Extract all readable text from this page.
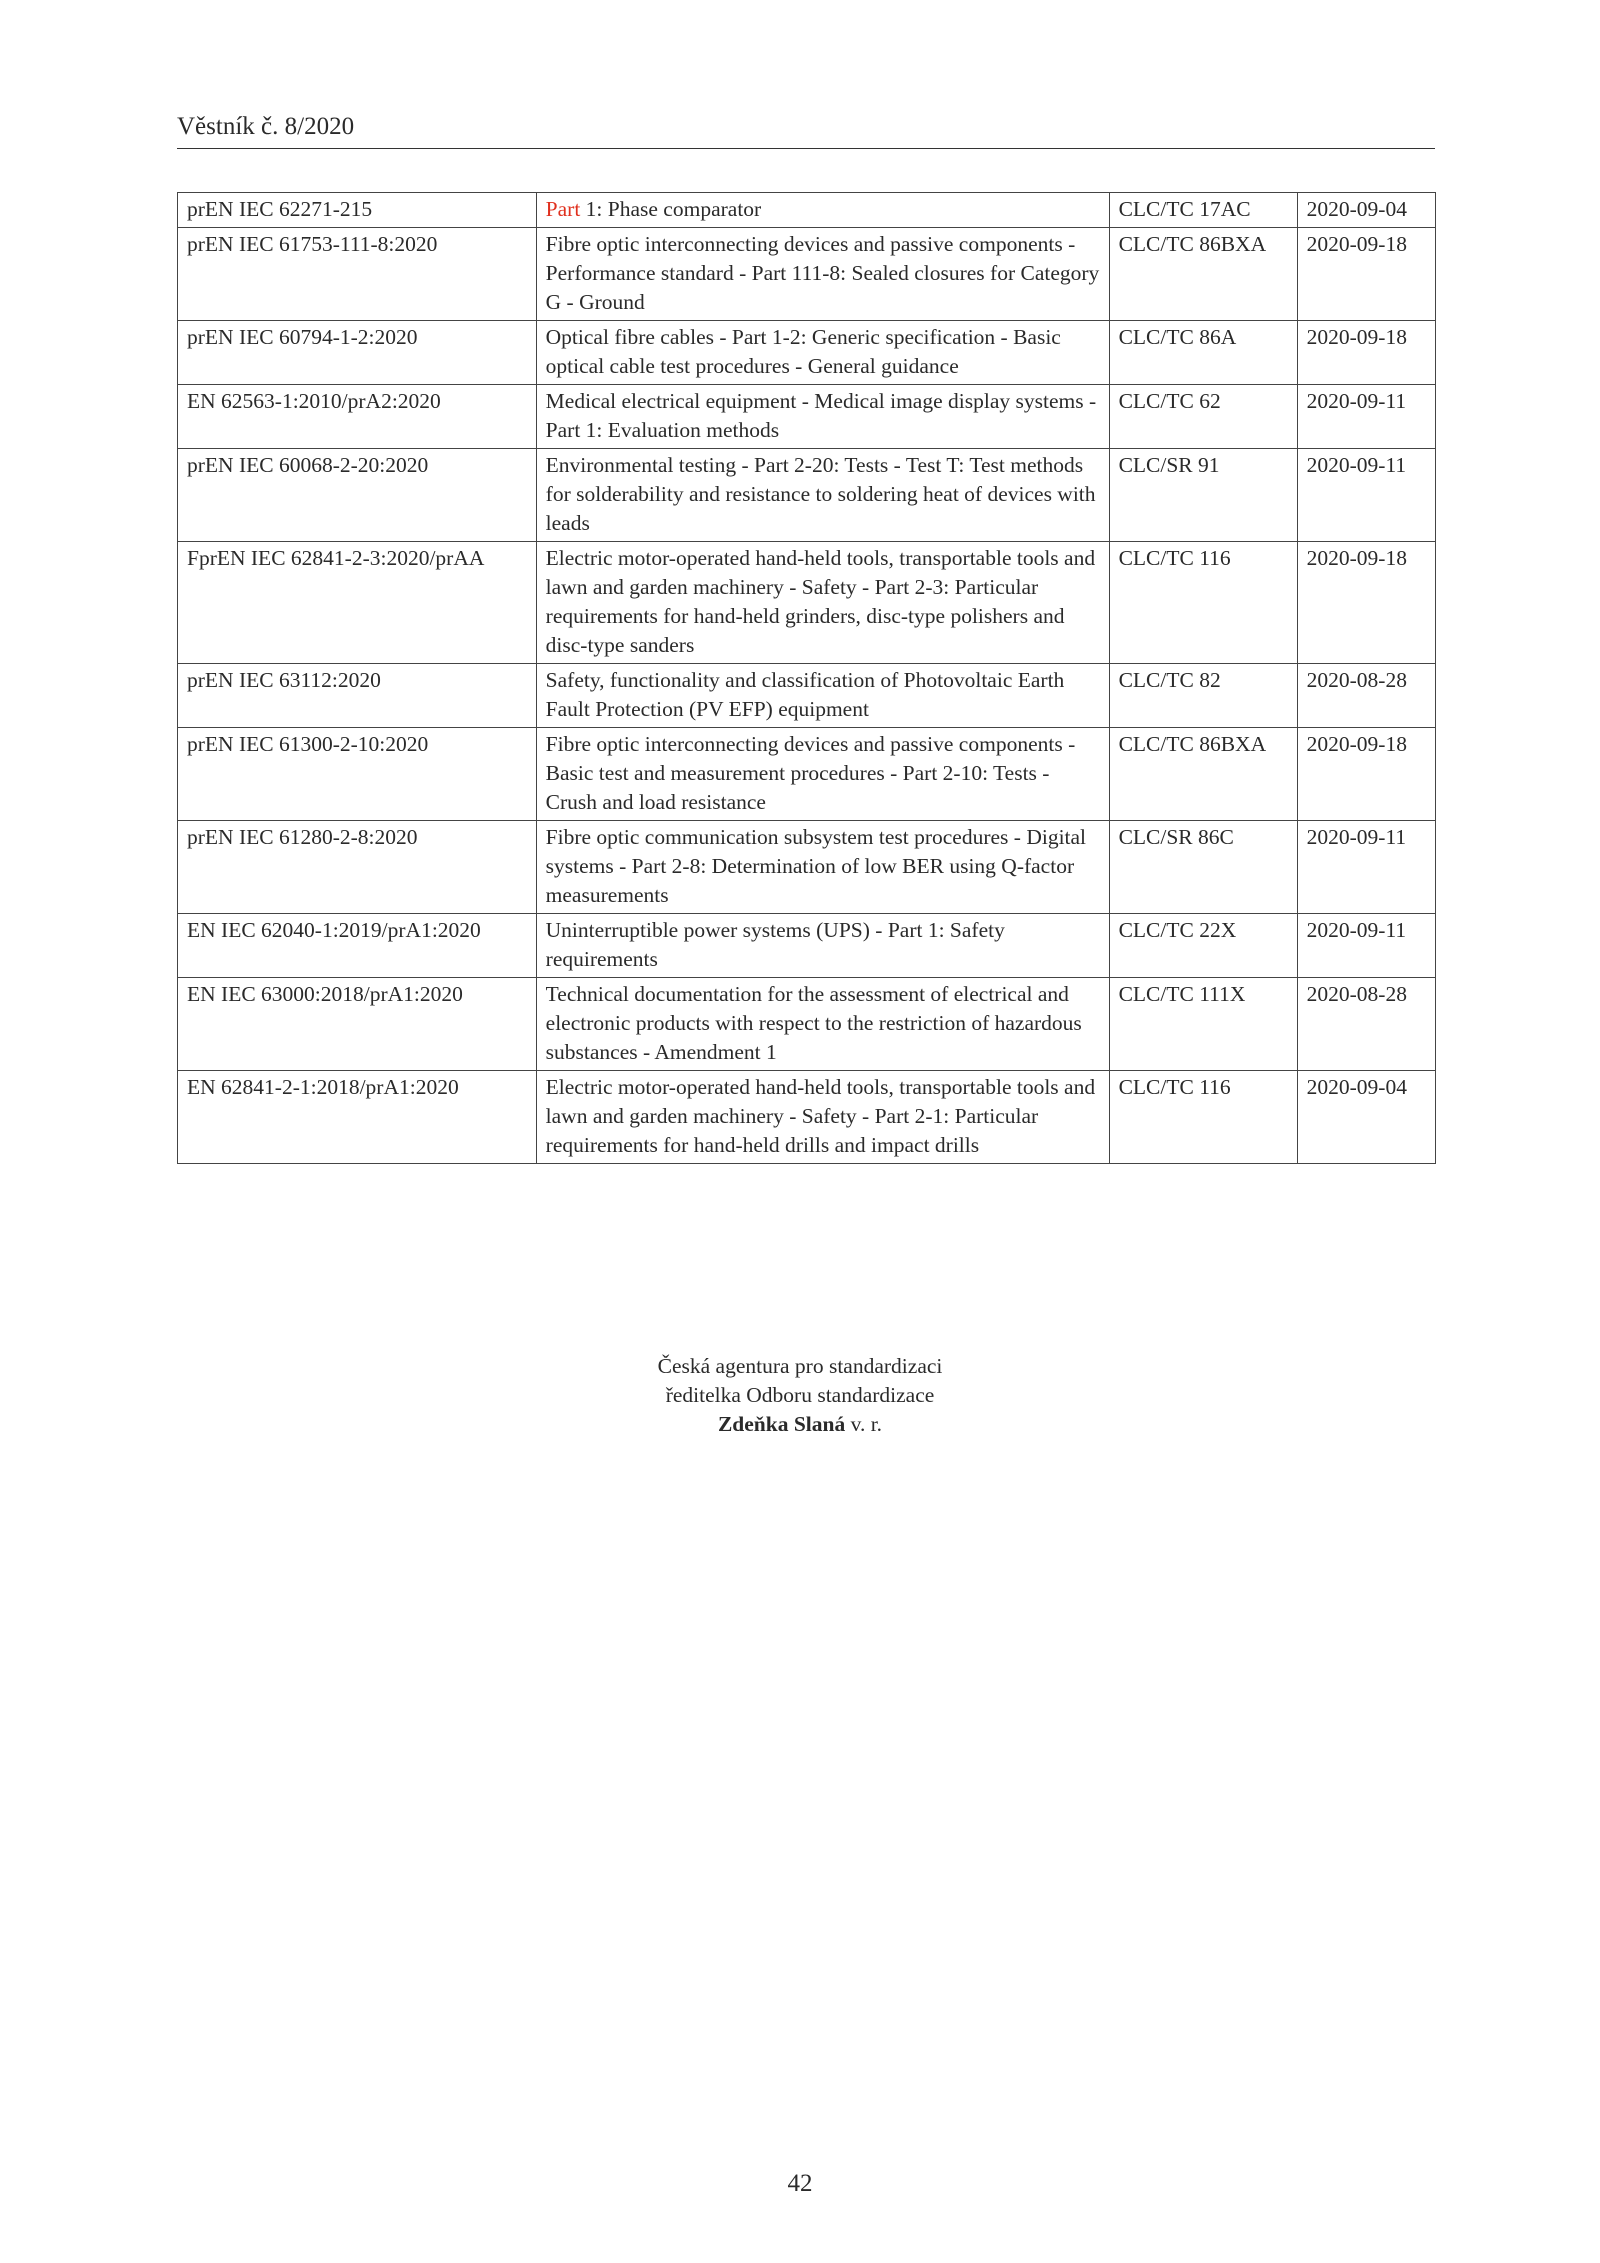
Věstník č. 8/2020
prEN IEC 62271-215	Part 1: Phase comparator	CLC/TC 17AC	2020-09-04
prEN IEC 61753-111-8:2020	Fibre optic interconnecting devices and passive components - Performance standard - Part 111-8: Sealed closures for Category G - Ground	CLC/TC 86BXA	2020-09-18
prEN IEC 60794-1-2:2020	Optical fibre cables - Part 1-2: Generic specification - Basic optical cable test procedures - General guidance	CLC/TC 86A	2020-09-18
EN 62563-1:2010/prA2:2020	Medical electrical equipment - Medical image display systems - Part 1: Evaluation methods	CLC/TC 62	2020-09-11
prEN IEC 60068-2-20:2020	Environmental testing - Part 2-20: Tests - Test T: Test methods for solderability and resistance to soldering heat of devices with leads	CLC/SR 91	2020-09-11
FprEN IEC 62841-2-3:2020/prAA	Electric motor-operated hand-held tools, transportable tools and lawn and garden machinery - Safety - Part 2-3: Particular requirements for hand-held grinders, disc-type polishers and disc-type sanders	CLC/TC 116	2020-09-18
prEN IEC 63112:2020	Safety, functionality and classification of Photovoltaic Earth Fault Protection (PV EFP) equipment	CLC/TC 82	2020-08-28
prEN IEC 61300-2-10:2020	Fibre optic interconnecting devices and passive components - Basic test and measurement procedures - Part 2-10: Tests - Crush and load resistance	CLC/TC 86BXA	2020-09-18
prEN IEC 61280-2-8:2020	Fibre optic communication subsystem test procedures - Digital systems - Part 2-8: Determination of low BER using Q-factor measurements	CLC/SR 86C	2020-09-11
EN IEC 62040-1:2019/prA1:2020	Uninterruptible power systems (UPS) - Part 1: Safety requirements	CLC/TC 22X	2020-09-11
EN IEC 63000:2018/prA1:2020	Technical documentation for the assessment of electrical and electronic products with respect to the restriction of hazardous substances - Amendment 1	CLC/TC 111X	2020-08-28
EN 62841-2-1:2018/prA1:2020	Electric motor-operated hand-held tools, transportable tools and lawn and garden machinery - Safety - Part 2-1: Particular requirements for hand-held drills and impact drills	CLC/TC 116	2020-09-04
Česká agentura pro standardizaci
ředitelka Odboru standardizace
Zdeňka Slaná v. r.
42
